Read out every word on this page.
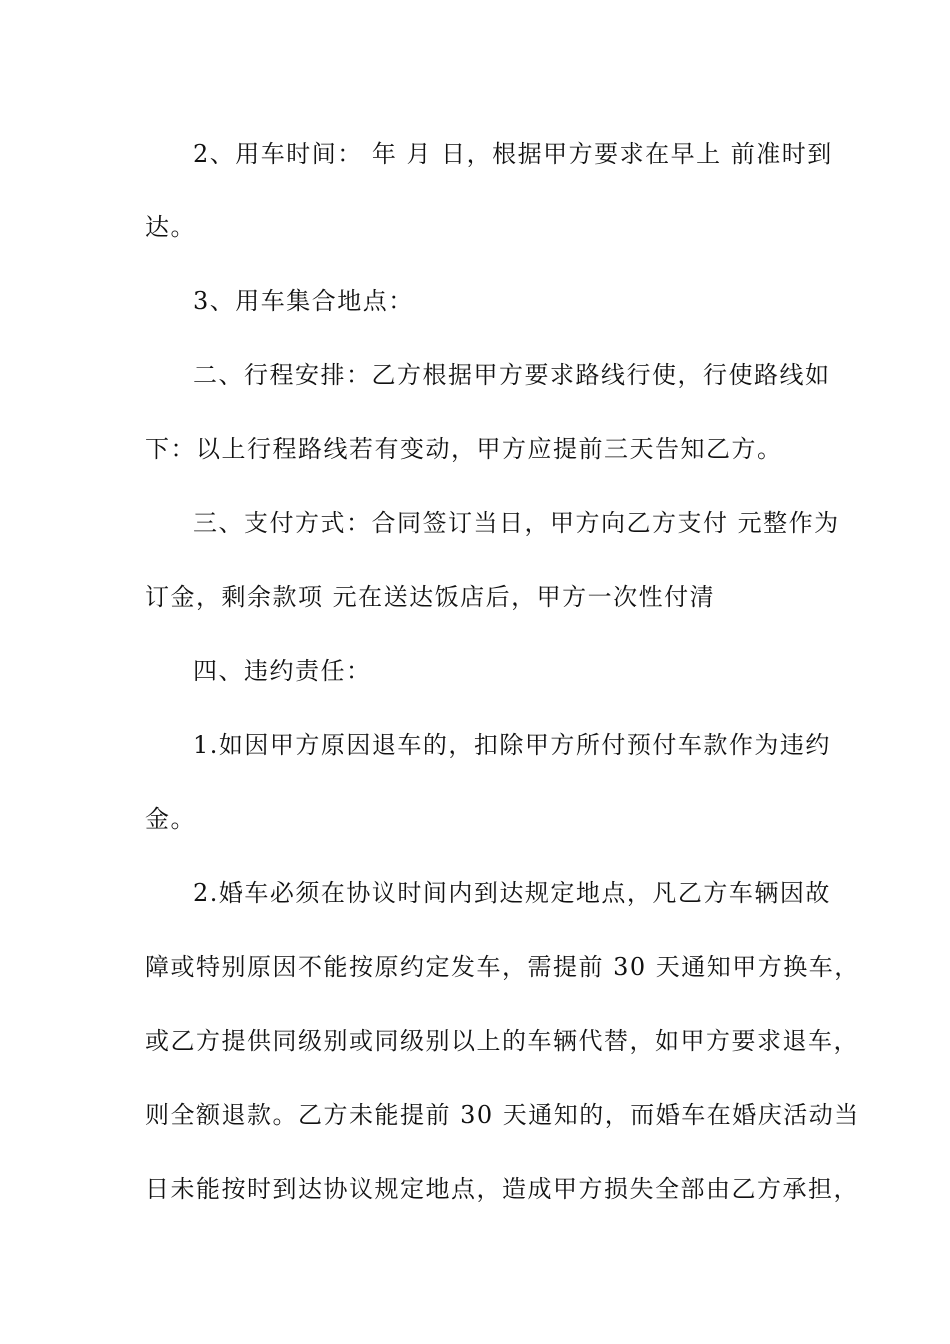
2、用车时间： 年 月 日，根据甲方要求在早上 前准时到
达。
3、用车集合地点：
二、行程安排：乙方根据甲方要求路线行使，行使路线如
下：以上行程路线若有变动，甲方应提前三天告知乙方。
三、支付方式：合同签订当日，甲方向乙方支付 元整作为
订金，剩余款项 元在送达饭店后，甲方一次性付清
四、违约责任：
1.如因甲方原因退车的，扣除甲方所付预付车款作为违约
金。
2.婚车必须在协议时间内到达规定地点，凡乙方车辆因故
障或特别原因不能按原约定发车，需提前 30 天通知甲方换车，
或乙方提供同级别或同级别以上的车辆代替，如甲方要求退车，
则全额退款。乙方未能提前 30 天通知的，而婚车在婚庆活动当
日未能按时到达协议规定地点，造成甲方损失全部由乙方承担，
